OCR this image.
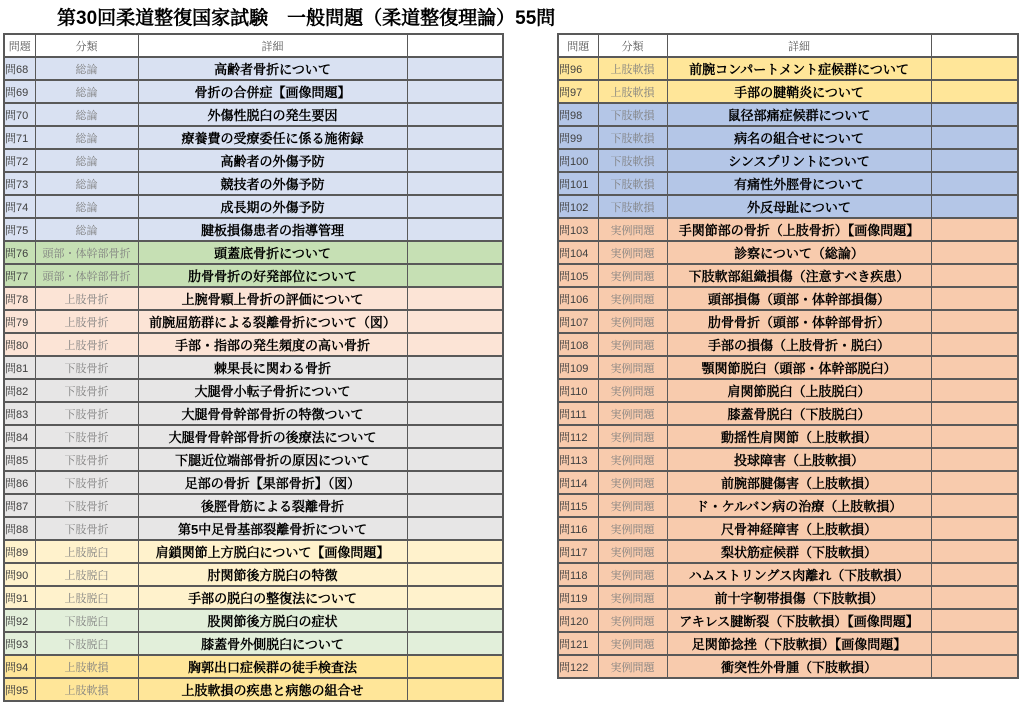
第30回柔道整復国家試験　一般問題（柔道整復理論）55問
問題	分類	詳細	
問68	総論	高齢者骨折について	
問69	総論	骨折の合併症【画像問題】	
問70	総論	外傷性脱臼の発生要因	
問71	総論	療養費の受療委任に係る施術録	
問72	総論	高齢者の外傷予防	
問73	総論	競技者の外傷予防	
問74	総論	成長期の外傷予防	
問75	総論	腱板損傷患者の指導管理	
問76	頭部・体幹部骨折	頭蓋底骨折について	
問77	頭部・体幹部骨折	肋骨骨折の好発部位について	
問78	上肢骨折	上腕骨顆上骨折の評価について	
問79	上肢骨折	前腕屈筋群による裂離骨折について（図）	
問80	上肢骨折	手部・指部の発生頻度の高い骨折	
問81	下肢骨折	棘果長に関わる骨折	
問82	下肢骨折	大腿骨小転子骨折について	
問83	下肢骨折	大腿骨骨幹部骨折の特徴ついて	
問84	下肢骨折	大腿骨骨幹部骨折の後療法について	
問85	下肢骨折	下腿近位端部骨折の原因について	
問86	下肢骨折	足部の骨折【果部骨折】（図）	
問87	下肢骨折	後脛骨筋による裂離骨折	
問88	下肢骨折	第5中足骨基部裂離骨折について	
問89	上肢脱臼	肩鎖関節上方脱臼について【画像問題】	
問90	上肢脱臼	肘関節後方脱臼の特徴	
問91	上肢脱臼	手部の脱臼の整復法について	
問92	下肢脱臼	股関節後方脱臼の症状	
問93	下肢脱臼	膝蓋骨外側脱臼について	
問94	上肢軟損	胸郭出口症候群の徒手検査法	
問95	上肢軟損	上肢軟損の疾患と病態の組合せ	
問題	分類	詳細	
問96	上肢軟損	前腕コンパートメント症候群について	
問97	上肢軟損	手部の腱鞘炎について	
問98	下肢軟損	鼠径部痛症候群について	
問99	下肢軟損	病名の組合せについて	
問100	下肢軟損	シンスプリントについて	
問101	下肢軟損	有痛性外脛骨について	
問102	下肢軟損	外反母趾について	
問103	実例問題	手関節部の骨折（上肢骨折）【画像問題】	
問104	実例問題	診察について（総論）	
問105	実例問題	下肢軟部組織損傷（注意すべき疾患）	
問106	実例問題	頭部損傷（頭部・体幹部損傷）	
問107	実例問題	肋骨骨折（頭部・体幹部骨折）	
問108	実例問題	手部の損傷（上肢骨折・脱臼）	
問109	実例問題	顎関節脱臼（頭部・体幹部脱臼）	
問110	実例問題	肩関節脱臼（上肢脱臼）	
問111	実例問題	膝蓋骨脱臼（下肢脱臼）	
問112	実例問題	動揺性肩関節（上肢軟損）	
問113	実例問題	投球障害（上肢軟損）	
問114	実例問題	前腕部腱傷害（上肢軟損）	
問115	実例問題	ド・ケルバン病の治療（上肢軟損）	
問116	実例問題	尺骨神経障害（上肢軟損）	
問117	実例問題	梨状筋症候群（下肢軟損）	
問118	実例問題	ハムストリングス肉離れ（下肢軟損）	
問119	実例問題	前十字靭帯損傷（下肢軟損）	
問120	実例問題	アキレス腱断裂（下肢軟損）【画像問題】	
問121	実例問題	足関節捻挫（下肢軟損）【画像問題】	
問122	実例問題	衝突性外骨腫（下肢軟損）	
